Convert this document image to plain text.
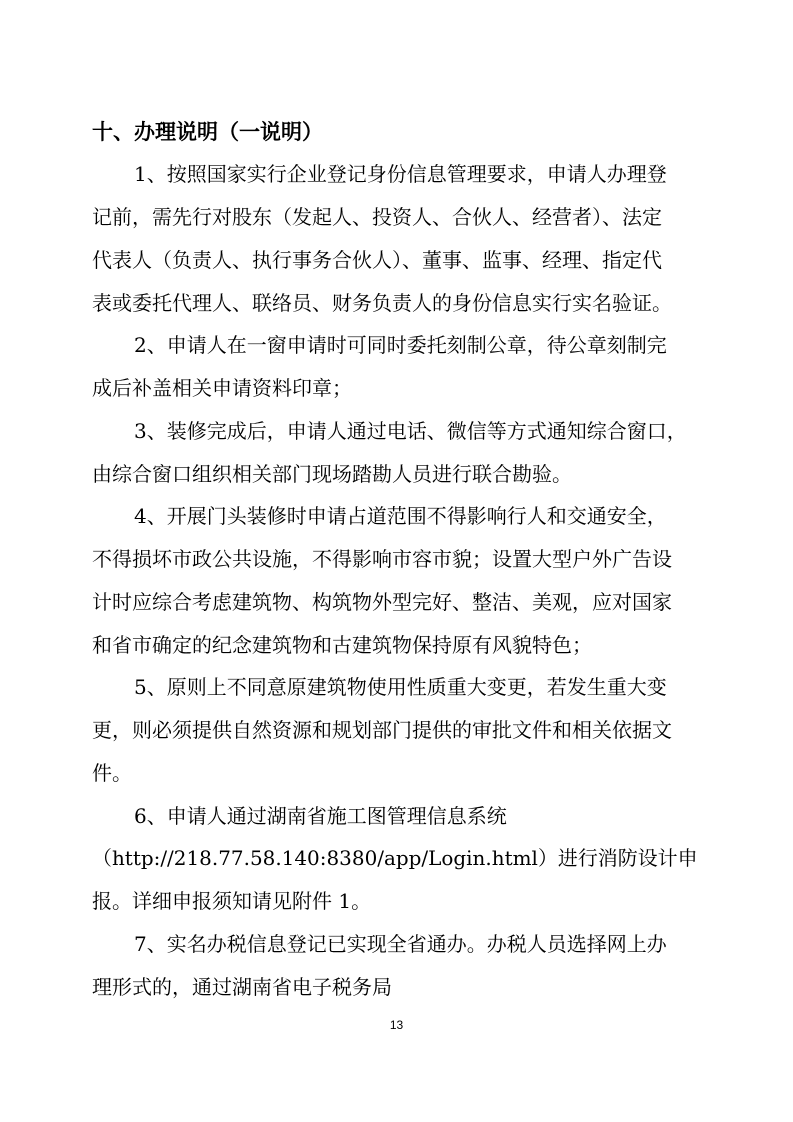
十、办理说明（一说明）
1、按照国家实行企业登记身份信息管理要求，申请人办理登
记前，需先行对股东（发起人、投资人、合伙人、经营者）、法定
代表人（负责人、执行事务合伙人）、董事、监事、经理、指定代
表或委托代理人、联络员、财务负责人的身份信息实行实名验证。
2、申请人在一窗申请时可同时委托刻制公章，待公章刻制完
成后补盖相关申请资料印章；
3、装修完成后，申请人通过电话、微信等方式通知综合窗口，
由综合窗口组织相关部门现场踏勘人员进行联合勘验。
4、开展门头装修时申请占道范围不得影响行人和交通安全，
不得损坏市政公共设施，不得影响市容市貌；设置大型户外广告设
计时应综合考虑建筑物、构筑物外型完好、整洁、美观，应对国家
和省市确定的纪念建筑物和古建筑物保持原有风貌特色；
5、原则上不同意原建筑物使用性质重大变更，若发生重大变
更，则必须提供自然资源和规划部门提供的审批文件和相关依据文
件。
6、申请人通过湖南省施工图管理信息系统
（http://218.77.58.140:8380/app/Login.html）进行消防设计申
报。详细申报须知请见附件 1。
7、实名办税信息登记已实现全省通办。办税人员选择网上办
理形式的，通过湖南省电子税务局
13
